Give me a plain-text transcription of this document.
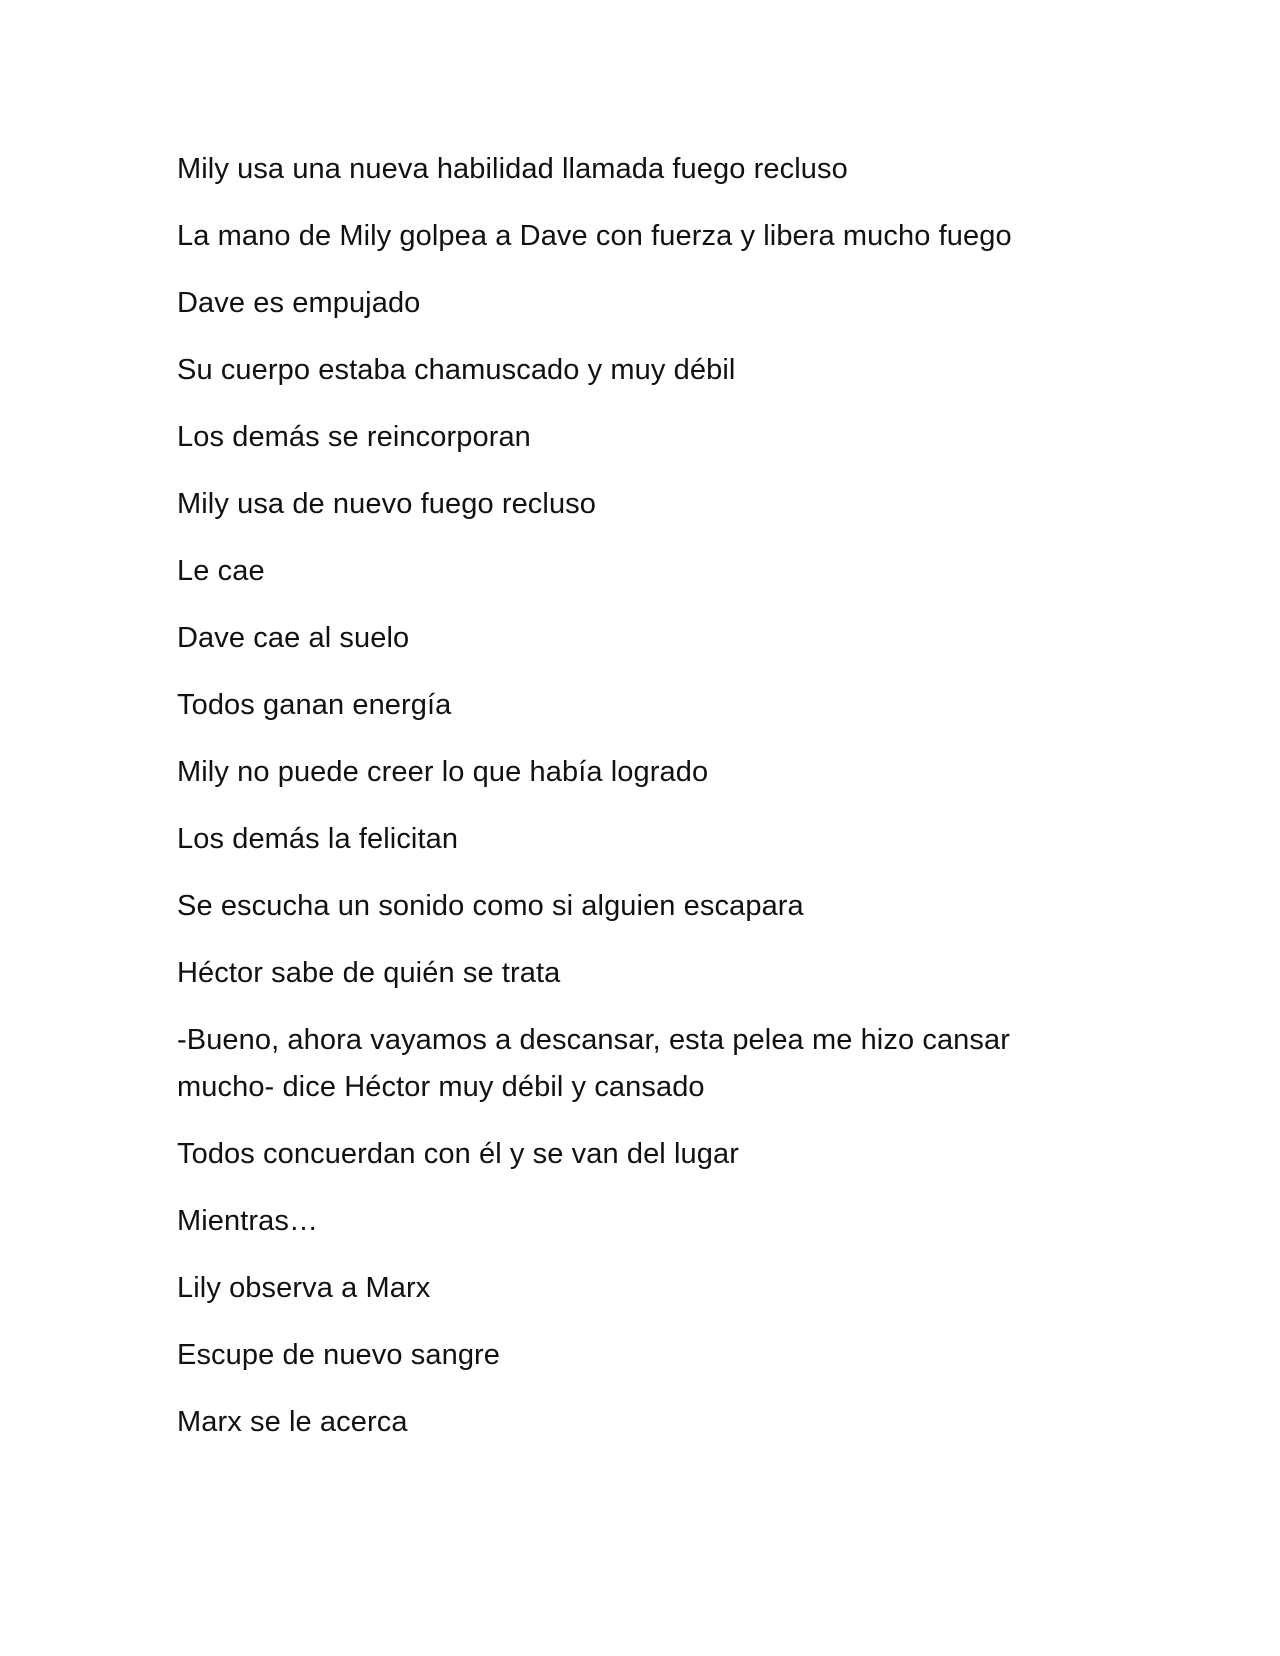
Mily usa una nueva habilidad llamada fuego recluso

La mano de Mily golpea a Dave con fuerza y libera mucho fuego

Dave es empujado

Su cuerpo estaba chamuscado y muy débil

Los demás se reincorporan

Mily usa de nuevo fuego recluso

Le cae

Dave cae al suelo

Todos ganan energía

Mily no puede creer lo que había logrado

Los demás la felicitan

Se escucha un sonido como si alguien escapara

Héctor sabe de quién se trata

-Bueno, ahora vayamos a descansar, esta pelea me hizo cansar mucho- dice Héctor muy débil y cansado

Todos concuerdan con él y se van del lugar

Mientras…

Lily observa a Marx

Escupe de nuevo sangre

Marx se le acerca
